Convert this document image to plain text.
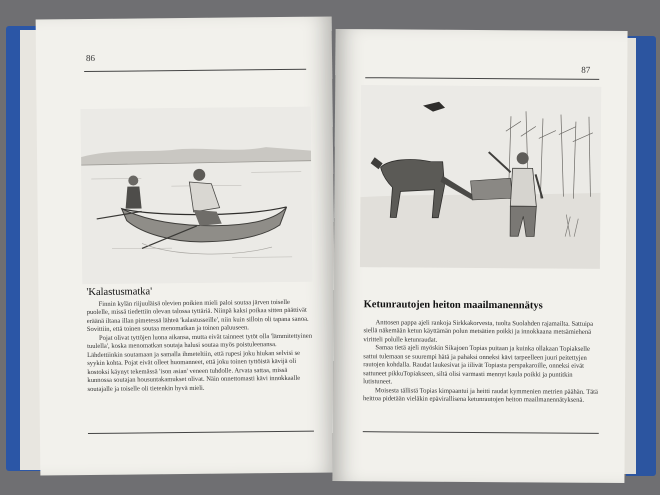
86
'Kalastusmatka'

Finnin kylän riijuuläisä olevien poikien mieli paloi soutaa järven toiselle puolelle, missä tiedettiin olevan talossa tyttäriä. Niinpä kaksi poikaa sitten päättivät eräänä iltana illan pimetessä lähteä 'kalastusseille', niin kuin silloin oli tapana sanoa. Sovittiin, että toinen soutaa menomatkan ja toinen paluuseen.

Pojat olivat tyttöjen luona aikansa, mutta eivät tainneet tytöt olla 'lämmitettyinen tuulella', koska menomatkan soutaja halusi soutaa myös poistuleenansa. Lähdettiinkin soutamaan ja samalla ihmeteltiin, että rupesi joku hiukan selvisi se syykin kohta. Pojat eivät olleet huomanneet, että joku toinen tyttöistä kävijä oli kostoksi käynyt tekemässä 'ison asian' veneen tuhdolle. Arvata sattaa, missä kunnossa soutajan housuntakamukset olivat. Näin onnettomasti kävi innokkaalle soutajalle ja toiselle oli tietenkin hyvä mieli.

87
Ketunrautojen heiton maailmanennätys

Anttosen pappa ajeli rankoja Sirkkakorvesta, tuolta Suolahden rajamailta. Sattuipa siellä näkemään ketun käyttämän polun metsätien poikki ja innokkaana metsämiehenä viritteli polulle ketunraudat.

Samaa tietä ajeli myöskin Sikajoen Topias puitaan ja kuinka ollakaan Topiakselle sattui tulemaan se suurempi hätä ja pahaksi onneksi kävi tarpeelleen juuri peitettyjen rautojen kohdalla. Raudat laukesivat ja iilivät Topiasta perspakaroille, onneksi eivät sattuneet pikkuTopiakseen, siltä olisi varmasti mennyt kaula poikki ja puntitkin lutistuneet.

Moisesta tällistä Topias kimpaantui ja heitti raudat kymmenien metrien päähän. Tätä heittoa pidetään vieläkin epävirallisena ketunrautojen heiton maailmanennätyksenä.
